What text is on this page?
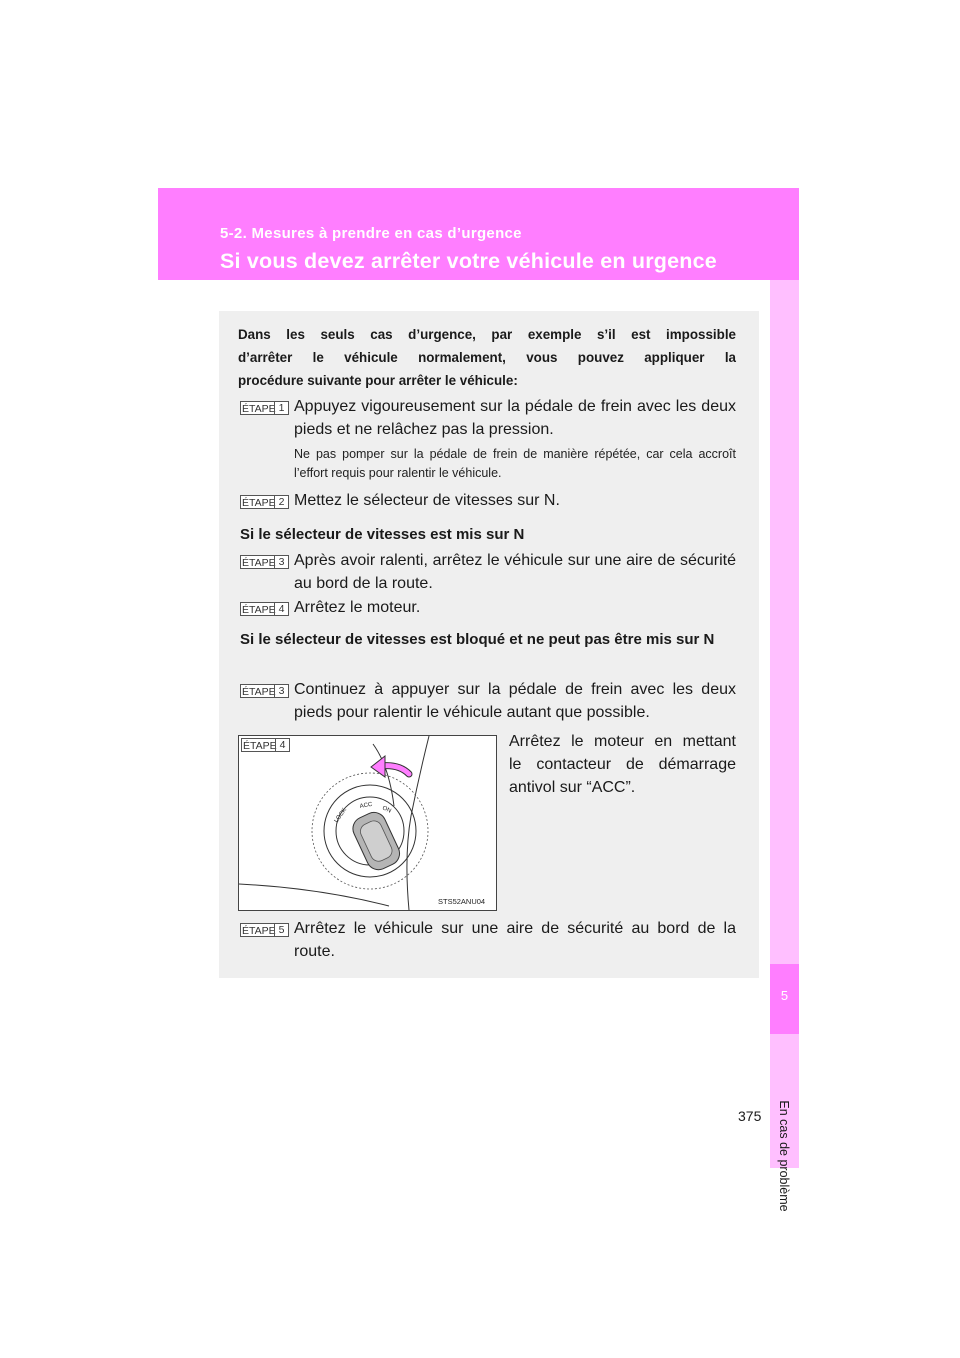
5-2. Mesures à prendre en cas d’urgence
Si vous devez arrêter votre véhicule en urgence
5
En cas de problème
Dans les seuls cas d’urgence, par exemple s’il est impossible
d’arrêter le véhicule normalement, vous pouvez appliquer la
procédure suivante pour arrêter le véhicule:
ÉTAPE 1 Appuyez vigoureusement sur la pédale de frein avec les deux pieds et ne relâchez pas la pression.
Ne pas pomper sur la pédale de frein de manière répétée, car cela accroît l’effort requis pour ralentir le véhicule.
ÉTAPE 2 Mettez le sélecteur de vitesses sur N.
Si le sélecteur de vitesses est mis sur N
ÉTAPE 3 Après avoir ralenti, arrêtez le véhicule sur une aire de sécurité au bord de la route.
ÉTAPE 4 Arrêtez le moteur.
Si le sélecteur de vitesses est bloqué et ne peut pas être mis sur N
ÉTAPE 3 Continuez à appuyer sur la pédale de frein avec les deux pieds pour ralentir le véhicule autant que possible.
LOCK
ACC ON
ÉTAPE 4
STS52ANU04
Arrêtez le moteur en mettant
le contacteur de démarrage
antivol sur “ACC”.
ÉTAPE 5 Arrêtez le véhicule sur une aire de sécurité au bord de la route.
375
